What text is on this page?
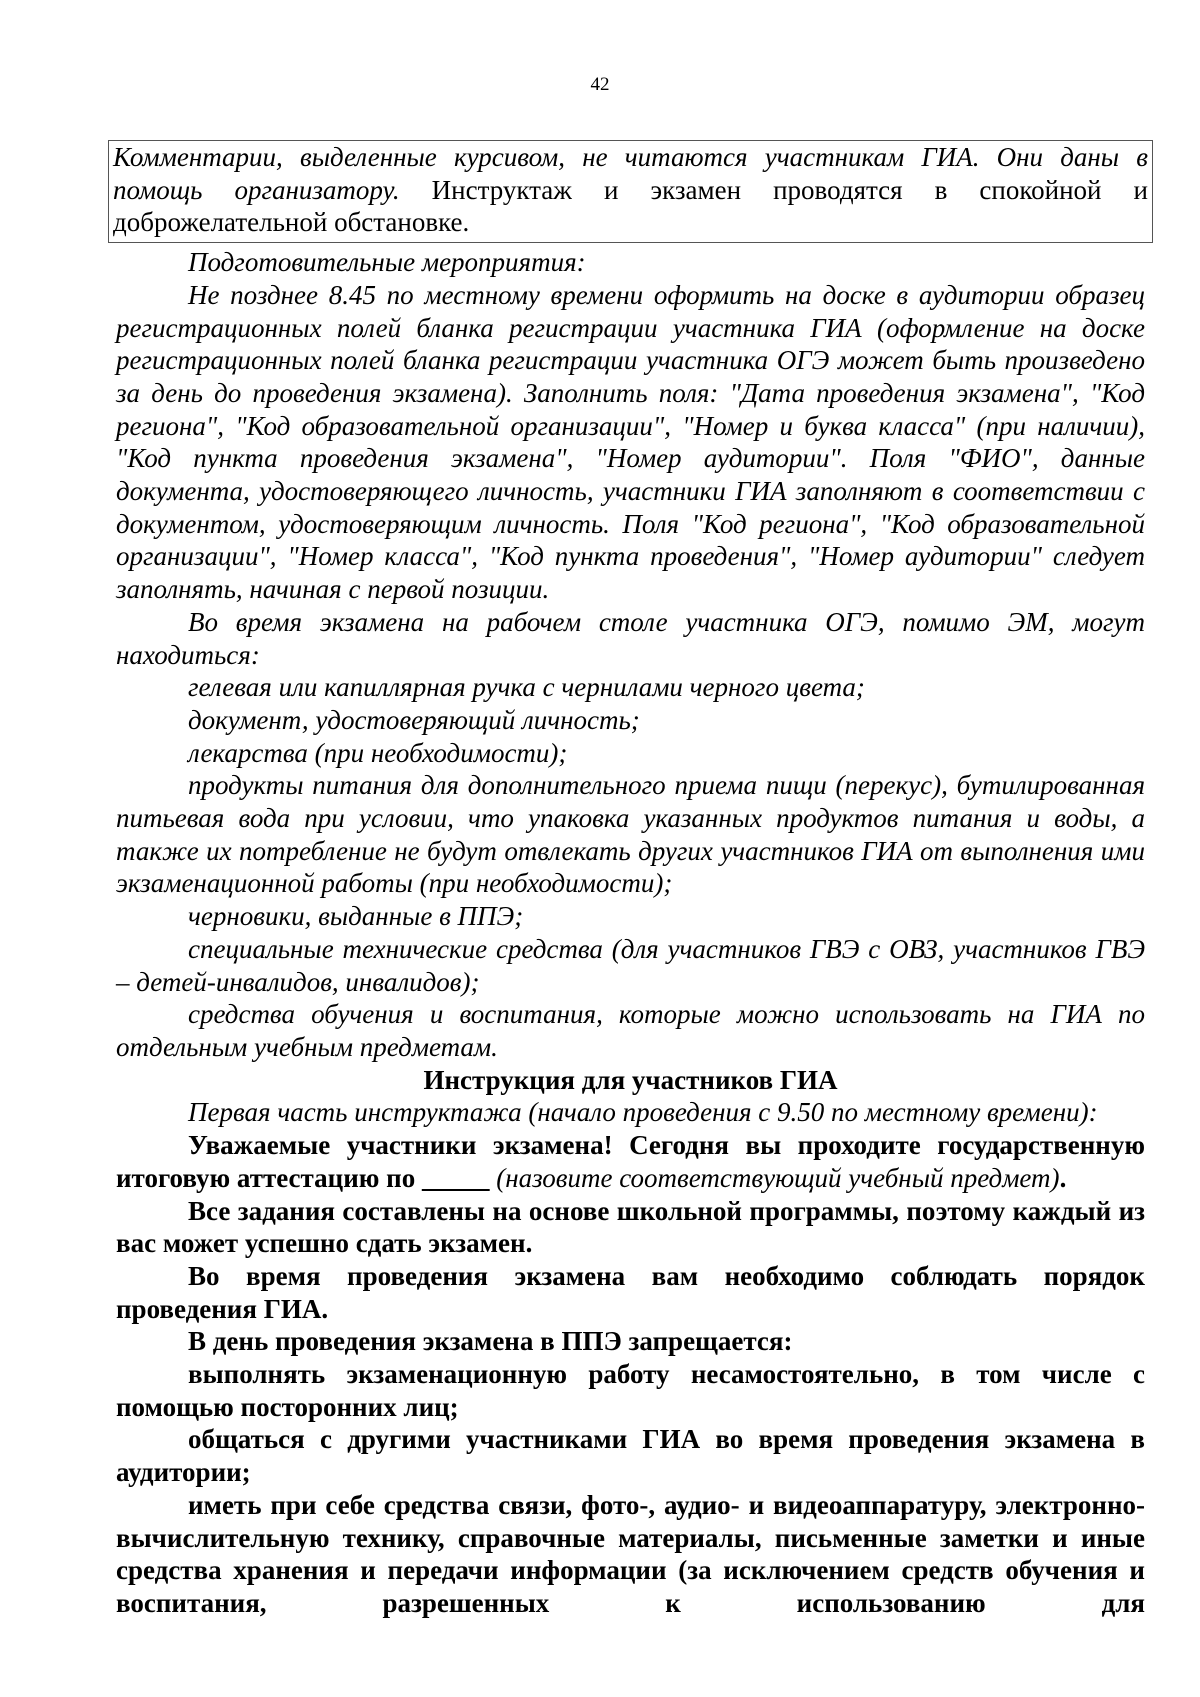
42
Комментарии, выделенные курсивом, не читаются участникам ГИА. Они даны в помощь организатору. Инструктаж и экзамен проводятся в спокойной и доброжелательной обстановке.

Подготовительные мероприятия:

Не позднее 8.45 по местному времени оформить на доске в аудитории образец регистрационных полей бланка регистрации участника ГИА (оформление на доске регистрационных полей бланка регистрации участника ОГЭ может быть произведено за день до проведения экзамена). Заполнить поля: "Дата проведения экзамена", "Код региона", "Код образовательной организации", "Номер и буква класса" (при наличии), "Код пункта проведения экзамена", "Номер аудитории". Поля "ФИО", данные документа, удостоверяющего личность, участники ГИА заполняют в соответствии с документом, удостоверяющим личность. Поля "Код региона", "Код образовательной организации", "Номер класса", "Код пункта проведения", "Номер аудитории" следует заполнять, начиная с первой позиции.

Во время экзамена на рабочем столе участника ОГЭ, помимо ЭМ, могут находиться:

гелевая или капиллярная ручка с чернилами черного цвета;

документ, удостоверяющий личность;

лекарства (при необходимости);

продукты питания для дополнительного приема пищи (перекус), бутилированная питьевая вода при условии, что упаковка указанных продуктов питания и воды, а также их потребление не будут отвлекать других участников ГИА от выполнения ими экзаменационной работы (при необходимости);

черновики, выданные в ППЭ;

специальные технические средства (для участников ГВЭ с ОВЗ, участников ГВЭ – детей-инвалидов, инвалидов);

средства обучения и воспитания, которые можно использовать на ГИА по отдельным учебным предметам.

Инструкция для участников ГИА

Первая часть инструктажа (начало проведения с 9.50 по местному времени):

Уважаемые участники экзамена! Сегодня вы проходите государственную итоговую аттестацию по _____ (назовите соответствующий учебный предмет).

Все задания составлены на основе школьной программы, поэтому каждый из вас может успешно сдать экзамен.

Во время проведения экзамена вам необходимо соблюдать порядок проведения ГИА.

В день проведения экзамена в ППЭ запрещается:

выполнять экзаменационную работу несамостоятельно, в том числе с помощью посторонних лиц;

общаться с другими участниками ГИА во время проведения экзамена в аудитории;

иметь при себе средства связи, фото-, аудио- и видеоаппаратуру, электронно-вычислительную технику, справочные материалы, письменные заметки и иные средства хранения и передачи информации (за исключением средств обучения и воспитания, разрешенных к использованию для
